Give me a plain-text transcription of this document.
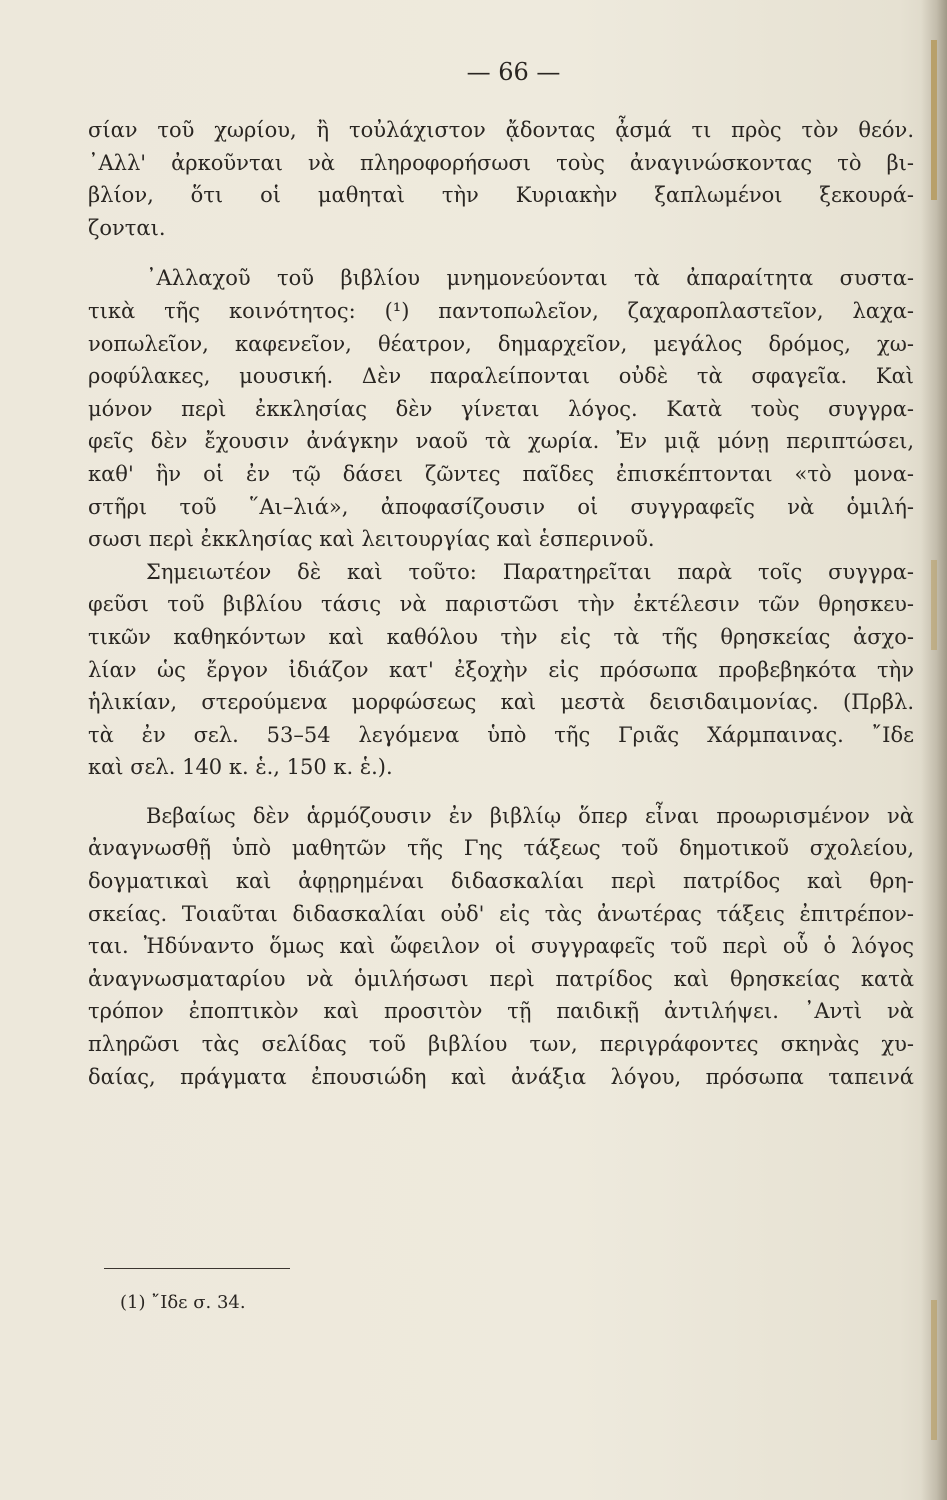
— 66 —
σίαν τοῦ χωρίου, ἢ τοὐλάχιστον ᾄδοντας ᾆσμά τι πρὸς τὸν θεόν.
᾿Αλλ' ἀρκοῦνται νὰ πληροφορήσωσι τοὺς ἀναγινώσκοντας τὸ βι-
βλίον, ὅτι οἱ μαθηταὶ τὴν Κυριακὴν ξαπλωμένοι ξεκουρά-
ζονται.
᾿Αλλαχοῦ τοῦ βιβλίου μνημονεύονται τὰ ἀπαραίτητα συστα-
τικὰ τῆς κοινότητος: (¹) παντοπωλεῖον, ζαχαροπλαστεῖον, λαχα-
νοπωλεῖον, καφενεῖον, θέατρον, δημαρχεῖον, μεγάλος δρόμος, χω-
ροφύλακες, μουσική. Δὲν παραλείπονται οὐδὲ τὰ σφαγεῖα. Καὶ
μόνον περὶ ἐκκλησίας δὲν γίνεται λόγος. Κατὰ τοὺς συγγρα-
φεῖς δὲν ἔχουσιν ἀνάγκην ναοῦ τὰ χωρία. Ἐν μιᾷ μόνῃ περιπτώσει,
καθ' ἣν οἱ ἐν τῷ δάσει ζῶντες παῖδες ἐπισκέπτονται «τὸ μονα-
στῆρι τοῦ ῞Αι–λιά», ἀποφασίζουσιν οἱ συγγραφεῖς νὰ ὁμιλή-
σωσι περὶ ἐκκλησίας καὶ λειτουργίας καὶ ἑσπερινοῦ.
Σημειωτέον δὲ καὶ τοῦτο: Παρατηρεῖται παρὰ τοῖς συγγρα-
φεῦσι τοῦ βιβλίου τάσις νὰ παριστῶσι τὴν ἐκτέλεσιν τῶν θρησκευ-
τικῶν καθηκόντων καὶ καθόλου τὴν εἰς τὰ τῆς θρησκείας ἀσχο-
λίαν ὡς ἔργον ἰδιάζον κατ' ἐξοχὴν εἰς πρόσωπα προβεβηκότα τὴν
ἡλικίαν, στερούμενα μορφώσεως καὶ μεστὰ δεισιδαιμονίας. (Πρβλ.
τὰ ἐν σελ. 53–54 λεγόμενα ὑπὸ τῆς Γριᾶς Χάρμπαινας. ῎Ιδε
καὶ σελ. 140 κ. ἑ., 150 κ. ἑ.).
Βεβαίως δὲν ἁρμόζουσιν ἐν βιβλίῳ ὅπερ εἶναι προωρισμένον νὰ
ἀναγνωσθῇ ὑπὸ μαθητῶν τῆς Γης τάξεως τοῦ δημοτικοῦ σχολείου,
δογματικαὶ καὶ ἀφῃρημέναι διδασκαλίαι περὶ πατρίδος καὶ θρη-
σκείας. Τοιαῦται διδασκαλίαι οὐδ' εἰς τὰς ἀνωτέρας τάξεις ἐπιτρέπον-
ται. Ἠδύναντο ὅμως καὶ ὤφειλον οἱ συγγραφεῖς τοῦ περὶ οὗ ὁ λόγος
ἀναγνωσματαρίου νὰ ὁμιλήσωσι περὶ πατρίδος καὶ θρησκείας κατὰ
τρόπον ἐποπτικὸν καὶ προσιτὸν τῇ παιδικῇ ἀντιλήψει. ᾿Αντὶ νὰ
πληρῶσι τὰς σελίδας τοῦ βιβλίου των, περιγράφοντες σκηνὰς χυ-
δαίας, πράγματα ἐπουσιώδη καὶ ἀνάξια λόγου, πρόσωπα ταπεινά
(1) ῎Ιδε σ. 34.
